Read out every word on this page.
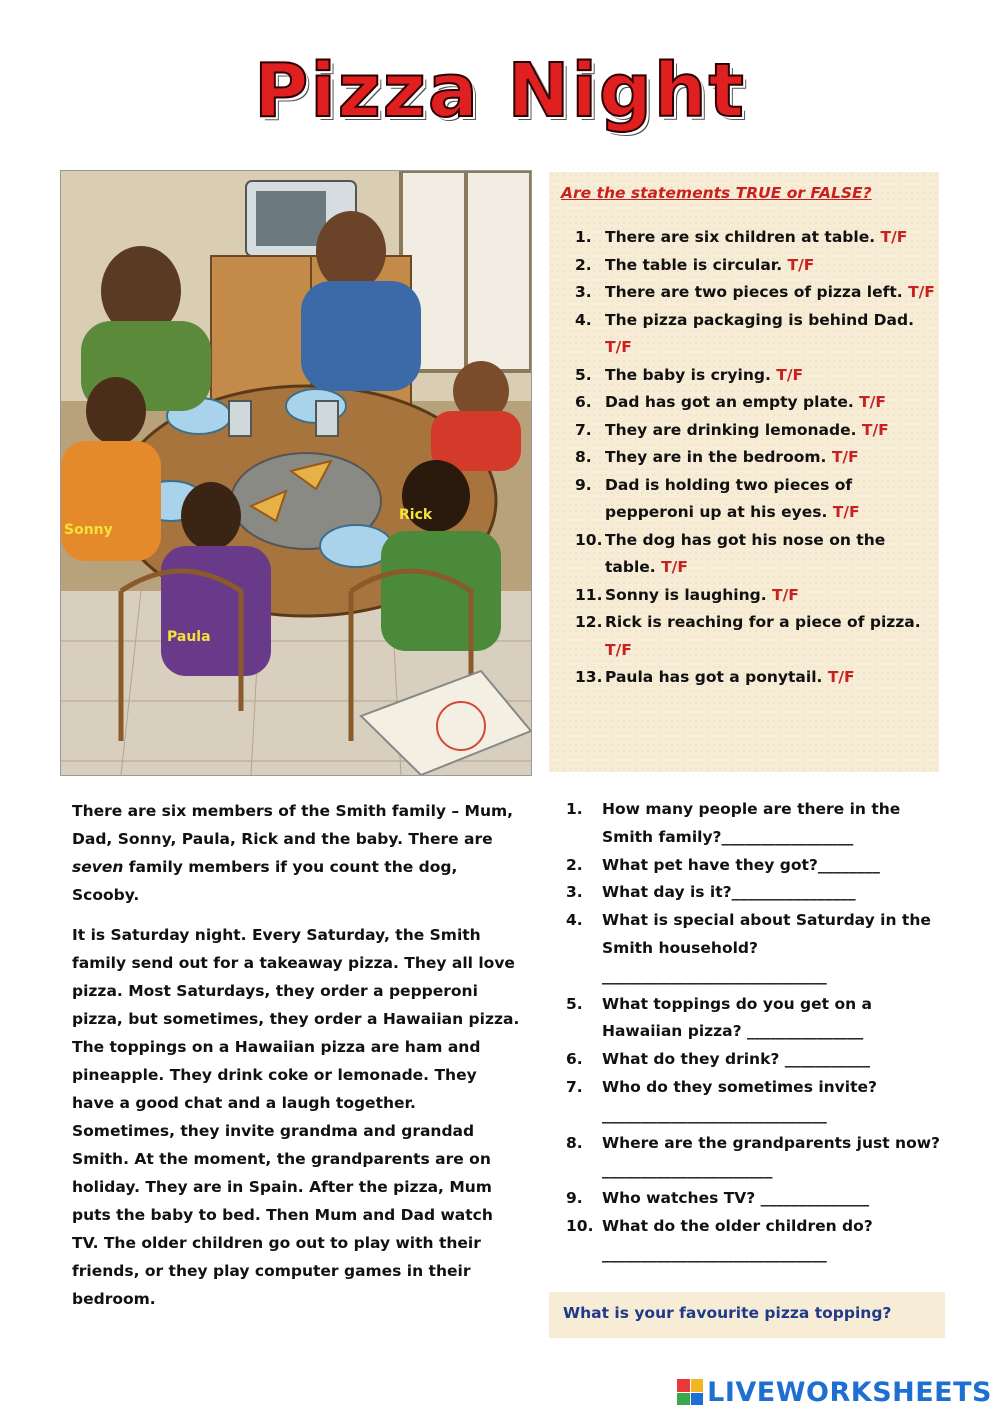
Pizza Night
Sonny
Rick
Paula
Are the statements TRUE or FALSE?
1. There are six children at table. T/F
2. The table is circular. T/F
3. There are two pieces of pizza left. T/F
4. The pizza packaging is behind Dad. T/F
5. The baby is crying. T/F
6. Dad has got an empty plate. T/F
7. They are drinking lemonade. T/F
8. They are in the bedroom. T/F
9. Dad is holding two pieces of pepperoni up at his eyes. T/F
10. The dog has got his nose on the table. T/F
11. Sonny is laughing. T/F
12. Rick is reaching for a piece of pizza. T/F
13. Paula has got a ponytail. T/F

There are six members of the Smith family – Mum, Dad, Sonny, Paula, Rick and the baby. There are seven family members if you count the dog, Scooby.

It is Saturday night. Every Saturday, the Smith family send out for a takeaway pizza. They all love pizza. Most Saturdays, they order a pepperoni pizza, but sometimes, they order a Hawaiian pizza. The toppings on a Hawaiian pizza are ham and pineapple. They drink coke or lemonade. They have a good chat and a laugh together. Sometimes, they invite grandma and grandad Smith. At the moment, the grandparents are on holiday. They are in Spain. After the pizza, Mum puts the baby to bed. Then Mum and Dad watch TV. The older children go out to play with their friends, or they play computer games in their bedroom.

1. How many people are there in the Smith family?_________________
2. What pet have they got?________
3. What day is it?________________
4. What is special about Saturday in the Smith household?
_____________________________
5. What toppings do you get on a Hawaiian pizza? _______________
6. What do they drink? ___________
7. Who do they sometimes invite?
_____________________________
8. Where are the grandparents just now? ______________________
9. Who watches TV? ______________
10. What do the older children do?
_____________________________
What is your favourite pizza topping?
LIVEWORKSHEETS
